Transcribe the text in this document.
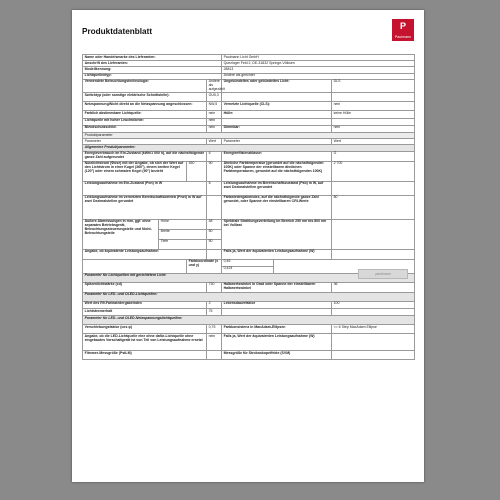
Produktdatenblatt
P
Paulmann
Name oder Handelsmarke des Lieferanten:				Paulmann Licht GmbH		
Anschrift des Lieferanten:				Quezinger Feld 2, DE-31832 Springe-Völksen		
Modellkennung:				28813		
Lichtquellentyp:				Andere als gerichtet		
Verwendete Beleuchtungstechnologie:			Andere als aufgezählt	Ungebündeltes oder gebündeltes Licht:		DLS
Switchtyp (oder sonstige elektrische Schnittstelle):			GU5,3			
Netzspannung/Nicht direkt an die Netzspannung angeschlossen:			NW,5	Vernetzte Lichtquelle (CLS):		nein
Farblich abstimmbare Lichtquelle:			nein	Hülle:		keine Hülle
Lichtquelle mit hoher Leuchtdichte:			nein			
Blendschutzschild:			nein	Dimmbar:		nein
Produktparameter						
Parameter			Wert	Parameter		Wert
Allgemeine Produktparameter:						
Energieverbrauch im Ein-Zustand (kWh/1 000 h), auf die nächstfolgende ganze Zahl aufgerundet			6	Energieeffizienzklasse:		G
Nutzlichtstrom (Φuse) mit der Angabe, ob sich der Wert auf den Lichtstrom in einer Kugel (360°), einem breiten Kegel (120°) oder einem schmalen Kegel (90°) bezieht		450	90	Ähnliche Farbtemperatur (gerundet auf die nächstfolgenden 100K) oder Spanne der einstellbaren ähnlichen Farbtemperaturen, gerundet auf die nächstfolgenden 100K)		2 700
Leistungsaufnahme im Ein-Zustand (Pon) in W			6	Leistungsaufnahme im Bereitschaftszustand (Psb) in W, auf zwei Dezimalstellen gerundet		
Leistungsaufnahme im vernetzten Bereitschaftsbetrieb (Pnet) in W auf zwei Dezimalstellen gerundet				Farbwiedergabeindex, auf die nächstfolgende ganze Zahl gerundet, oder Spanne der einstellbaren CRI-Werte		80
Äußere Abmessungen in mm, ggf. ohne separates Betriebsgerät, Beleuchtungssteuerungsteile und Nicht-Beleuchtungsteile	Höhe		48	Spektrale Strahlungsverteilung im Bereich 250 nm bis 800 nm bei Volllast		
	Breite		50			
	Tiefe		50			
Angabe, ob äquivalente Leistungsaufnahme:				Falls ja, Wert der äquivalenten Leistungsaufnahme (W)		
		Farbkoordinate (x und y)		0,46		
				0,424		
Parameter für Lichtquellen mit gerichtetem Licht:						
Spitzenlichtstärke (cd)			730	Halbwertswinkel in Grad oder Spanne der einstellbaren Halbwertswinkel		36
Parameter für LED- und OLED-Lichtquellen:						
Wert des R9-Farbwiedergabeindex			2	Lebensdauerfaktor		100
Lichtstromerhalt			75			
Parameter für LED- und OLED-Netzspannungslichtquellen:						
Verschiebungsfaktor (cos φ)			0,75	Farbkonsistenz in MacAdam-Ellipsen		<= 6 Step MacAdam Ellipse
Angabe, ob die LED-Lichtquelle eine ohne dafür-Lichtquelle ohne eingebautes Vorschaltgerät ist von Teil von Leistungsaufnahme ersetzt			nein	Falls ja, Wert der äquivalenten Leistungsaufnahme (W)		
Flimmer-Messgröße (PstLM)				Messgröße für Stroboskopeffekte (SVM)		
paulmann
